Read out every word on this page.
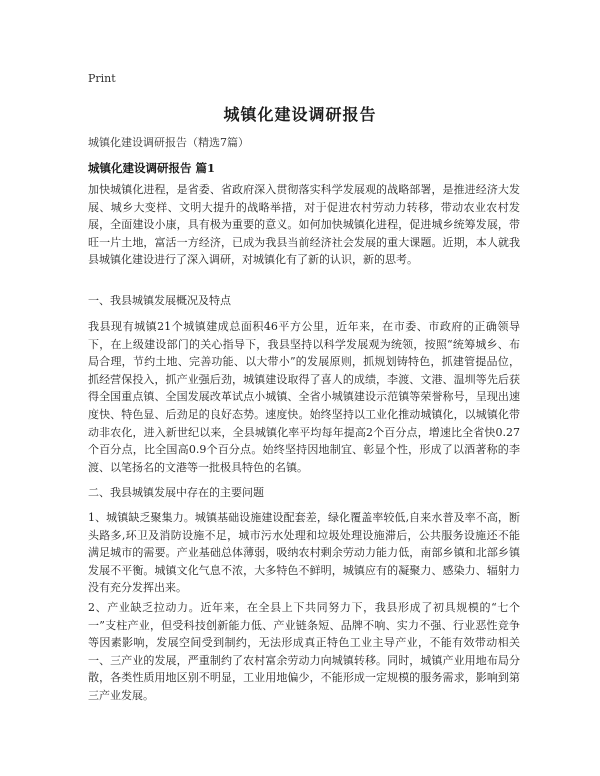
Print
城镇化建设调研报告
城镇化建设调研报告（精选7篇）
城镇化建设调研报告 篇1

加快城镇化进程，是省委、省政府深入贯彻落实科学发展观的战略部署，是推进经济大发展、城乡大变样、文明大提升的战略举措，对于促进农村劳动力转移，带动农业农村发展，全面建设小康，具有极为重要的意义。如何加快城镇化进程，促进城乡统筹发展，带旺一片土地，富活一方经济，已成为我县当前经济社会发展的重大课题。近期，本人就我县城镇化建设进行了深入调研，对城镇化有了新的认识，新的思考。

一、我县城镇发展概况及特点

我县现有城镇21个城镇建成总面积46平方公里，近年来，在市委、市政府的正确领导下，在上级建设部门的关心指导下，我县坚持以科学发展观为统领，按照“统筹城乡、布局合理，节约土地、完善功能、以大带小”的发展原则，抓规划铸特色，抓建管提品位，抓经营保投入，抓产业强后劲，城镇建设取得了喜人的成绩，李渡、文港、温圳等先后获得全国重点镇、全国发展改革试点小城镇、全省小城镇建设示范镇等荣誉称号，呈现出速度快、特色显、后劲足的良好态势。速度快。始终坚持以工业化推动城镇化，以城镇化带动非农化，进入新世纪以来，全县城镇化率平均每年提高2个百分点，增速比全省快0.27个百分点，比全国高0.9个百分点。始终坚持因地制宜、彰显个性，形成了以酒著称的李渡、以笔扬名的文港等一批极具特色的名镇。

二、我县城镇发展中存在的主要问题

1、城镇缺乏聚集力。城镇基础设施建设配套差，绿化覆盖率较低,自来水普及率不高，断头路多,环卫及消防设施不足，城市污水处理和垃圾处理设施滞后，公共服务设施还不能满足城市的需要。产业基础总体薄弱，吸纳农村剩余劳动力能力低，南部乡镇和北部乡镇发展不平衡。城镇文化气息不浓，大多特色不鲜明，城镇应有的凝聚力、感染力、辐射力没有充分发挥出来。

2、产业缺乏拉动力。近年来，在全县上下共同努力下，我县形成了初具规模的“七个一”支柱产业，但受科技创新能力低、产业链条短、品牌不响、实力不强、行业恶性竞争等因素影响，发展空间受到制约，无法形成真正特色工业主导产业，不能有效带动相关一、三产业的发展，严重制约了农村富余劳动力向城镇转移。同时，城镇产业用地布局分散，各类性质用地区别不明显，工业用地偏少，不能形成一定规模的服务需求，影响到第三产业发展。
